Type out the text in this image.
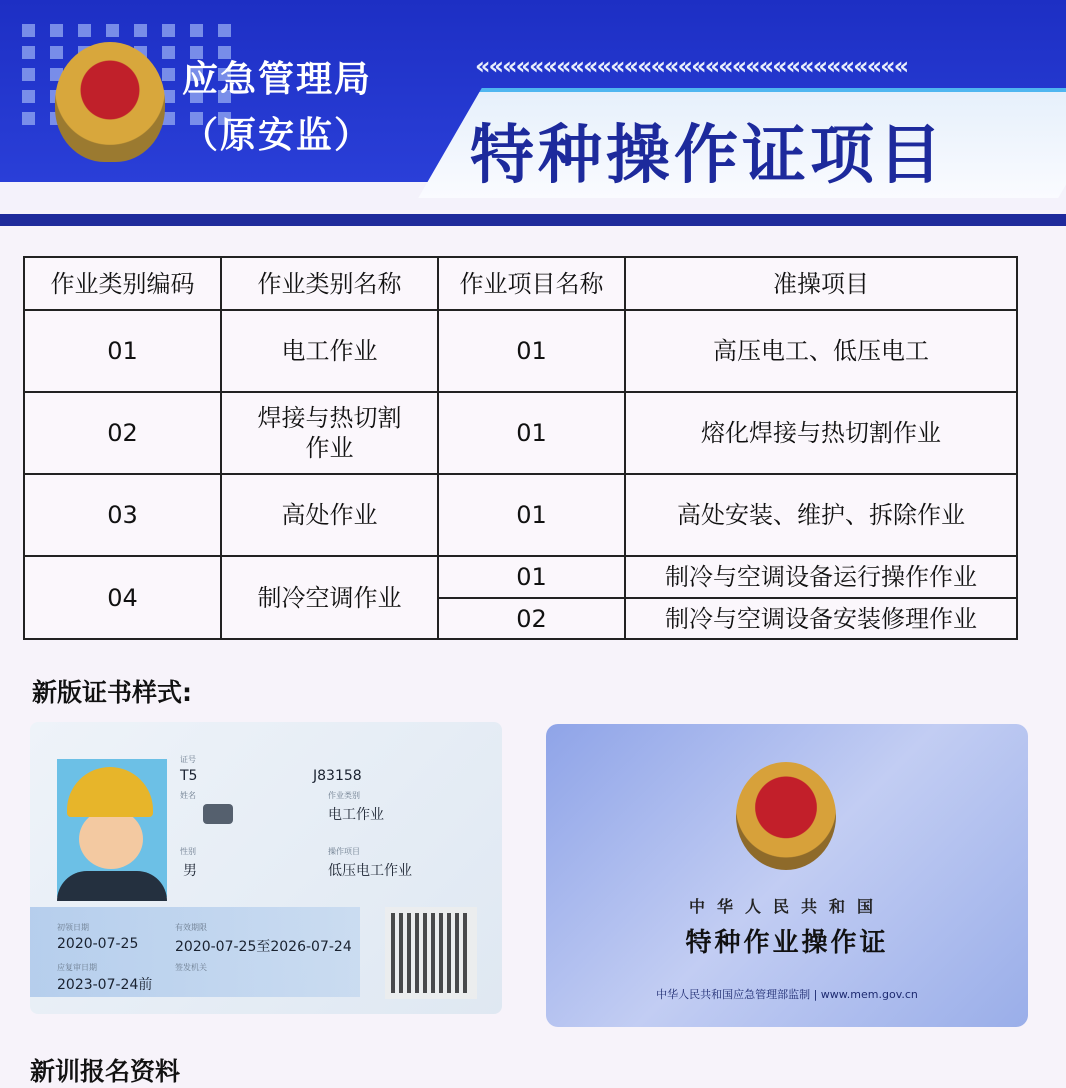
应急管理局
（原安监）
««««««««««««««««««««««««««««««««
特种操作证项目
作业类别编码	作业类别名称	作业项目名称	准操项目
01	电工作业	01	高压电工、低压电工
02	焊接与热切割作业	01	熔化焊接与热切割作业
03	高处作业	01	高处安装、维护、拆除作业
04	制冷空调作业	01	制冷与空调设备运行操作作业
		02	制冷与空调设备安装修理作业
新版证书样式:
证号
T5	J83158
姓名	作业类别
电工作业
性别
男
操作项目
低压电工作业
初领日期
2020-07-25
有效期限
2020-07-25至2026-07-24
应复审日期
2023-07-24前
签发机关
中华人民共和国
特种作业操作证
中华人民共和国应急管理部监制 | www.mem.gov.cn
新训报名资料
